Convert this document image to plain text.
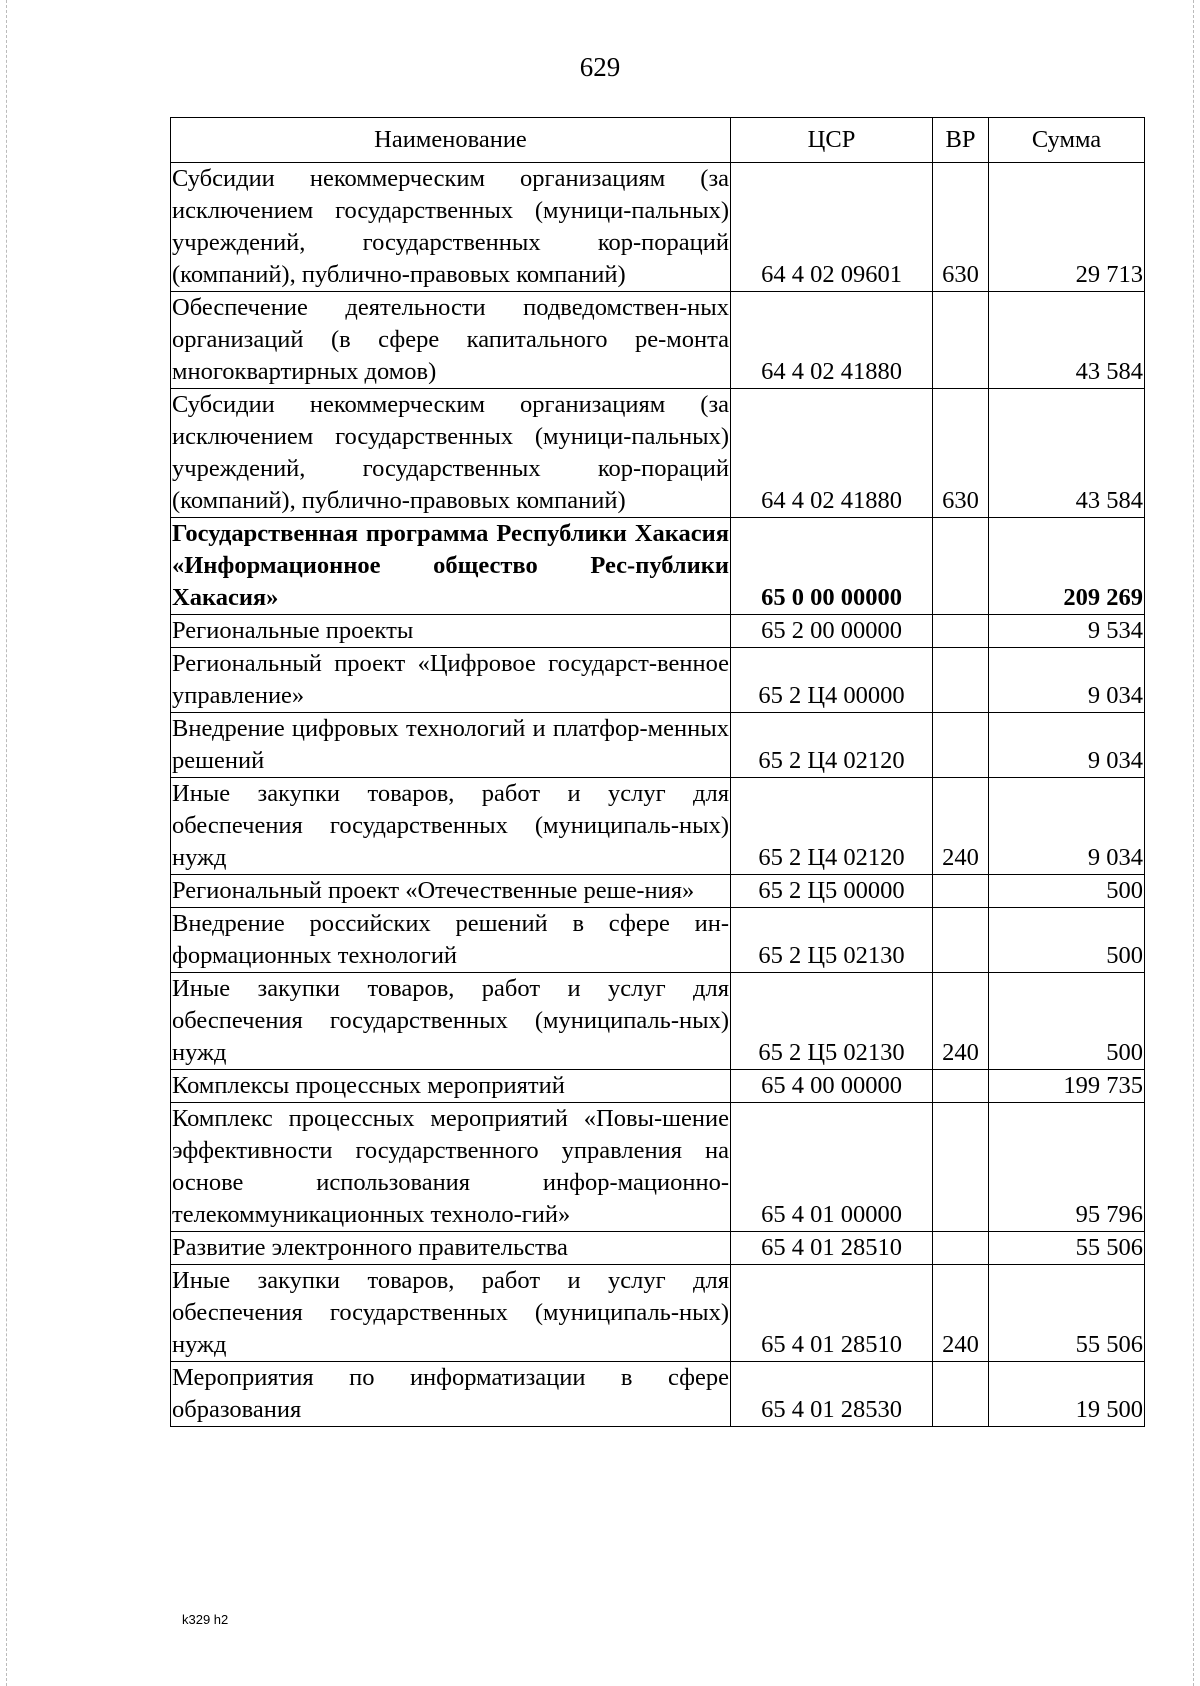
629
Наименование	ЦСР	ВР	Сумма
Субсидии некоммерческим организациям (за исключением государственных (муници-пальных) учреждений, государственных кор-пораций (компаний), публично-правовых компаний)	64 4 02 09601	630	29 713
Обеспечение деятельности подведомствен-ных организаций (в сфере капитального ре-монта многоквартирных домов)	64 4 02 41880		43 584
Субсидии некоммерческим организациям (за исключением государственных (муници-пальных) учреждений, государственных кор-пораций (компаний), публично-правовых компаний)	64 4 02 41880	630	43 584
Государственная программа Республики Хакасия «Информационное общество Рес-публики Хакасия»	65 0 00 00000		209 269
Региональные проекты	65 2 00 00000		9 534
Региональный проект «Цифровое государст-венное управление»	65 2 Ц4 00000		9 034
Внедрение цифровых технологий и платфор-менных решений	65 2 Ц4 02120		9 034
Иные закупки товаров, работ и услуг для обеспечения государственных (муниципаль-ных) нужд	65 2 Ц4 02120	240	9 034
Региональный проект «Отечественные реше-ния»	65 2 Ц5 00000		500
Внедрение российских решений в сфере ин-формационных технологий	65 2 Ц5 02130		500
Иные закупки товаров, работ и услуг для обеспечения государственных (муниципаль-ных) нужд	65 2 Ц5 02130	240	500
Комплексы процессных мероприятий	65 4 00 00000		199 735
Комплекс процессных мероприятий «Повы-шение эффективности государственного управления на основе использования инфор-мационно-телекоммуникационных техноло-гий»	65 4 01 00000		95 796
Развитие электронного правительства	65 4 01 28510		55 506
Иные закупки товаров, работ и услуг для обеспечения государственных (муниципаль-ных) нужд	65 4 01 28510	240	55 506
Мероприятия по информатизации в сфере образования	65 4 01 28530		19 500
k329 h2
